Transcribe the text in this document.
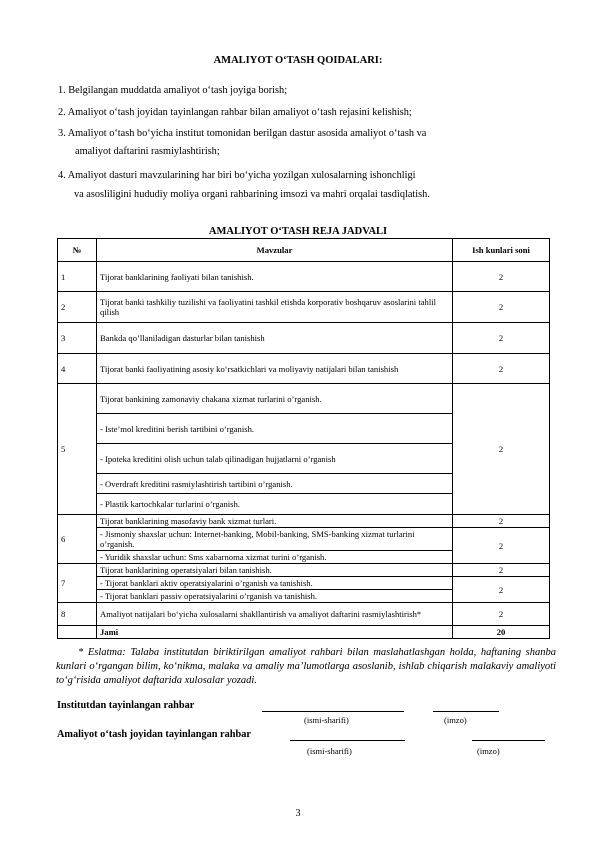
AMALIYOT O‘TASH QOIDALARI:
1. Belgilangan muddatda amaliyot o‘tash joyiga borish;
2. Amaliyot o‘tash joyidan tayinlangan rahbar bilan amaliyot o‘tash rejasini kelishish;
3. Amaliyot o‘tash bo‘yicha institut tomonidan berilgan dastur asosida amaliyot o‘tash va
amaliyot daftarini rasmiylashtirish;
4. Amaliyot dasturi mavzularining har biri bo‘yicha yozilgan xulosalarning ishonchligi
va asosliligini hududiy moliya organi rahbarining imsozi va mahri orqalai tasdiqlatish.
AMALIYOT O‘TASH REJA JADVALI
№	Mavzular	Ish kunlari soni
1	Tijorat banklarining faoliyati bilan tanishish.	2
2	Tijorat banki tashkiliy tuzilishi va faoliyatini tashkil etishda korporativ boshqaruv asoslarini tahlil qilish	2
3	Bankda qo’llaniladigan dasturlar bilan tanishish	2
4	Tijorat banki faoliyatining asosiy ko‘rsatkichlari va moliyaviy natijalari bilan tanishish	2
5	Tijorat bankining zamonaviy chakana xizmat turlarini o’rganish.	2
	- Iste’mol kreditini berish tartibini o’rganish.	
	- Ipoteka kreditini olish uchun talab qilinadigan hujjatlarni o’rganish	
	- Overdraft kreditini rasmiylashtirish tartibini o’rganish.	
	- Plastik kartochkalar turlarini o’rganish.	
6	Tijorat banklarining masofaviy bank xizmat turlari.	2
	- Jismoniy shaxslar uchun: Internet-banking, Mobil-banking, SMS-banking xizmat turlarini o’rganish.	2
	- Yuridik shaxslar uchun: Sms xabarnoma xizmat turini o’rganish.	
7	Tijorat banklarining operatsiyalari bilan tanishish.	2
	- Tijorat banklari aktiv operatsiyalarini o’rganish va tanishish.	2
	- Tijorat banklari passiv operatsiyalarini o’rganish va tanishish.	
8	Amaliyot natijalari bo‘yicha xulosalarni shakllantirish va amaliyot daftarini rasmiylashtirish*	2
	Jami	20
* Eslatma: Talaba institutdan biriktirilgan amaliyot rahbari bilan maslahatlashgan holda, haftaning shanba kunlari o‘rgangan bilim, ko‘nikma, malaka va amaliy ma’lumotlarga asoslanib, ishlab chiqarish malakaviy amaliyoti to‘g‘risida amaliyot daftarida xulosalar yozadi.
Institutdan tayinlangan rahbar
(ismi-sharifi)	(imzo)
Amaliyot o‘tash joyidan tayinlangan rahbar
(ismi-sharifi)	(imzo)
3
